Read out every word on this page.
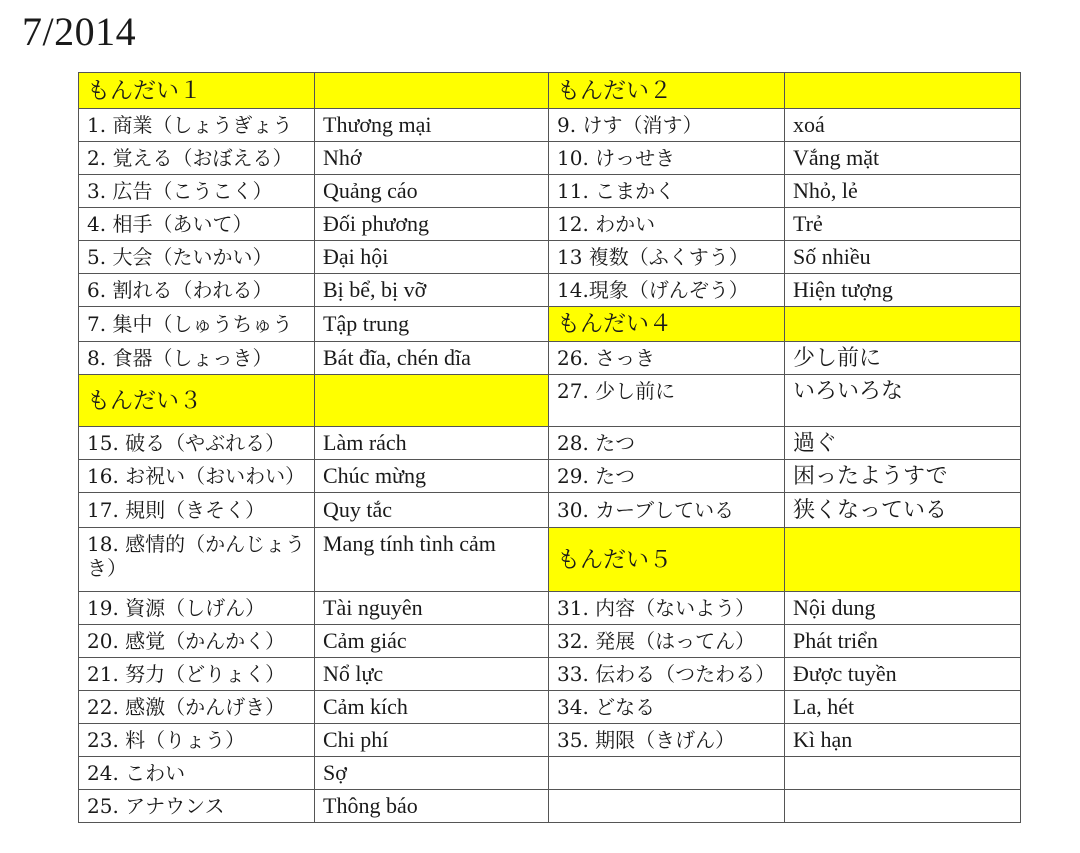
7/2014
もんだい１		もんだい２	
1. 商業（しょうぎょう	Thương mại	9. けす（消す）	xoá
2. 覚える（おぼえる）	Nhớ	10. けっせき	Vắng mặt
3. 広告（こうこく）	Quảng cáo	11. こまかく	Nhỏ, lẻ
4. 相手（あいて）	Đối phương	12. わかい	Trẻ
5. 大会（たいかい）	Đại hội	13 複数（ふくすう）	Số nhiều
6. 割れる（われる）	Bị bể, bị vỡ	14.現象（げんぞう）	Hiện tượng
7. 集中（しゅうちゅう	Tập trung	もんだい４	
8. 食器（しょっき）	Bát đĩa, chén dĩa	26. さっき	少し前に
もんだい３		27. 少し前に	いろいろな
15. 破る（やぶれる）	Làm rách	28. たつ	過ぐ
16. お祝い（おいわい）	Chúc mừng	29. たつ	困ったようすで
17. 規則（きそく）	Quy tắc	30. カーブしている	狭くなっている
18. 感情的（かんじょうき）	Mang tính tình cảm	もんだい５	
19. 資源（しげん）	Tài nguyên	31. 内容（ないよう）	Nội dung
20. 感覚（かんかく）	Cảm giác	32. 発展（はってん）	Phát triển
21. 努力（どりょく）	Nổ lực	33. 伝わる（つたわる）	Được tuyền
22. 感激（かんげき）	Cảm kích	34. どなる	La, hét
23. 料（りょう）	Chi phí	35. 期限（きげん）	Kì hạn
24. こわい	Sợ		
25. アナウンス	Thông báo		
